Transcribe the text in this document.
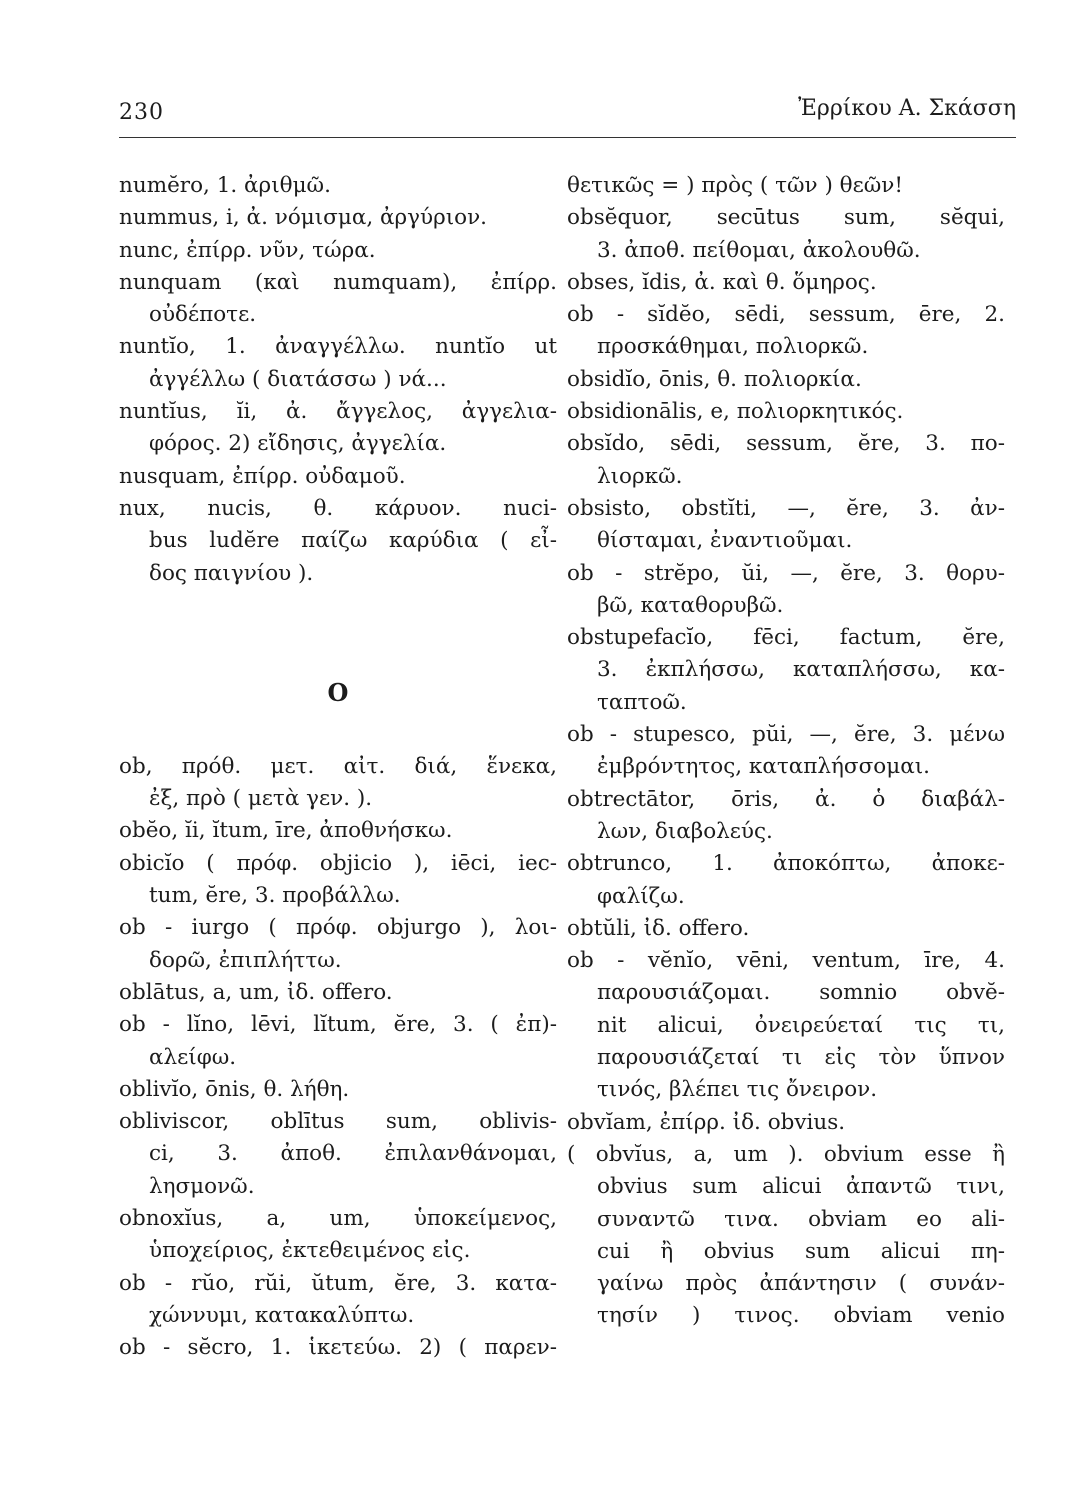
230	Ἐρρίκου Α. Σκάσση
O
numĕro, 1. ἀριθμῶ.
nummus, i, ἀ. νόμισμα, ἀργύριον.
nunc, ἐπίρρ. νῦν, τώρα.
nunquam (καὶ numquam), ἐπίρρ.
οὐδέποτε.
nuntĭo, 1. ἀναγγέλλω. nuntĭo ut
ἀγγέλλω ( διατάσσω ) νά...
nuntĭus, ĭi, ἀ. ἄγγελος, ἀγγελια-
φόρος. 2) εἴδησις, ἀγγελία.
nusquam, ἐπίρρ. οὐδαμοῦ.
nux, nucis, θ. κάρυον. nuci-
bus ludĕre παίζω καρύδια ( εἶ-
δος παιγνίου ).
ob, πρόθ. μετ. αἰτ. διά, ἕνεκα,
ἐξ, πρὸ ( μετὰ γεν. ).
obĕo, ĭi, ĭtum, īre, ἀποθνήσκω.
obicĭo ( πρόφ. objicio ), iēci, iec-
tum, ĕre, 3. προβάλλω.
ob - iurgo ( πρόφ. objurgo ), λοι-
δορῶ, ἐπιπλήττω.
oblātus, a, um, ἰδ. offero.
ob - lĭno, lēvi, lĭtum, ĕre, 3. ( ἐπ)-
αλείφω.
oblivĭo, ōnis, θ. λήθη.
obliviscor, oblītus sum, oblivis-
ci, 3. ἀποθ. ἐπιλανθάνομαι,
λησμονῶ.
obnoxĭus, a, um, ὑποκείμενος,
ὑποχείριος, ἐκτεθειμένος εἰς.
ob - rŭo, rŭi, ŭtum, ĕre, 3. κατα-
χώννυμι, κατακαλύπτω.
ob - sĕcro, 1. ἱκετεύω. 2) ( παρεν-
θετικῶς = ) πρὸς ( τῶν ) θεῶν!
obsĕquor, secūtus sum, sĕqui,
3. ἀποθ. πείθομαι, ἀκολουθῶ.
obses, ĭdis, ἀ. καὶ θ. ὅμηρος.
ob - sĭdĕo, sēdi, sessum, ēre, 2.
προσκάθημαι, πολιορκῶ.
obsidĭo, ōnis, θ. πολιορκία.
obsidionālis, e, πολιορκητικός.
obsĭdo, sēdi, sessum, ĕre, 3. πο-
λιορκῶ.
obsisto, obstĭti, —, ĕre, 3. ἀν-
θίσταμαι, ἐναντιοῦμαι.
ob - strĕpo, ŭi, —, ĕre, 3. θορυ-
βῶ, καταθορυβῶ.
obstupefacĭo, fēci, factum, ĕre,
3. ἐκπλήσσω, καταπλήσσω, κα-
ταπτοῶ.
ob - stupesco, pŭi, —, ĕre, 3. μένω
ἐμβρόντητος, καταπλήσσομαι.
obtrectātor, ōris, ἀ. ὁ διαβάλ-
λων, διαβολεύς.
obtrunco, 1. ἀποκόπτω, ἀποκε-
φαλίζω.
obtŭli, ἰδ. offero.
ob - vĕnĭo, vēni, ventum, īre, 4.
παρουσιάζομαι. somnio obvĕ-
nit alicui, ὀνειρεύεταί τις τι,
παρουσιάζεταί τι εἰς τὸν ὕπνον
τινός, βλέπει τις ὄνειρον.
obvĭam, ἐπίρρ. ἰδ. obvius.
( obvĭus, a, um ). obvium esse ἢ
obvius sum alicui ἀπαντῶ τινι,
συναντῶ τινα. obviam eo ali-
cui ἢ obvius sum alicui πη-
γαίνω πρὸς ἀπάντησιν ( συνάν-
τησίν ) τινος. obviam venio
